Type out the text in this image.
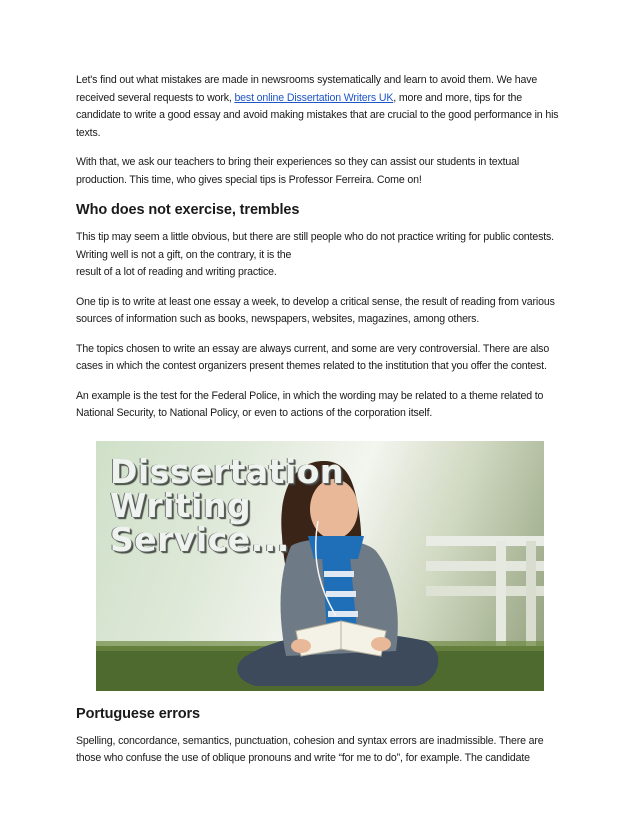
Let's find out what mistakes are made in newsrooms systematically and learn to avoid them. We have received several requests to work, best online Dissertation Writers UK, more and more, tips for the candidate to write a good essay and avoid making mistakes that are crucial to the good performance in his texts.

With that, we ask our teachers to bring their experiences so they can assist our students in textual production. This time, who gives special tips is Professor Ferreira. Come on!

Who does not exercise, trembles

This tip may seem a little obvious, but there are still people who do not practice writing for public contests. Writing well is not a gift, on the contrary, it is the
result of a lot of reading and writing practice.

One tip is to write at least one essay a week, to develop a critical sense, the result of reading from various sources of information such as books, newspapers, websites, magazines, among others.

The topics chosen to write an essay are always current, and some are very controversial. There are also cases in which the contest organizers present themes related to the institution that you offer the contest.

An example is the test for the Federal Police, in which the wording may be related to a theme related to National Security, to National Policy, or even to actions of the corporation itself.

Dissertation
Writing
Service...
Portuguese errors

Spelling, concordance, semantics, punctuation, cohesion and syntax errors are inadmissible. There are those who confuse the use of oblique pronouns and write “for me to do”, for example. The candidate
